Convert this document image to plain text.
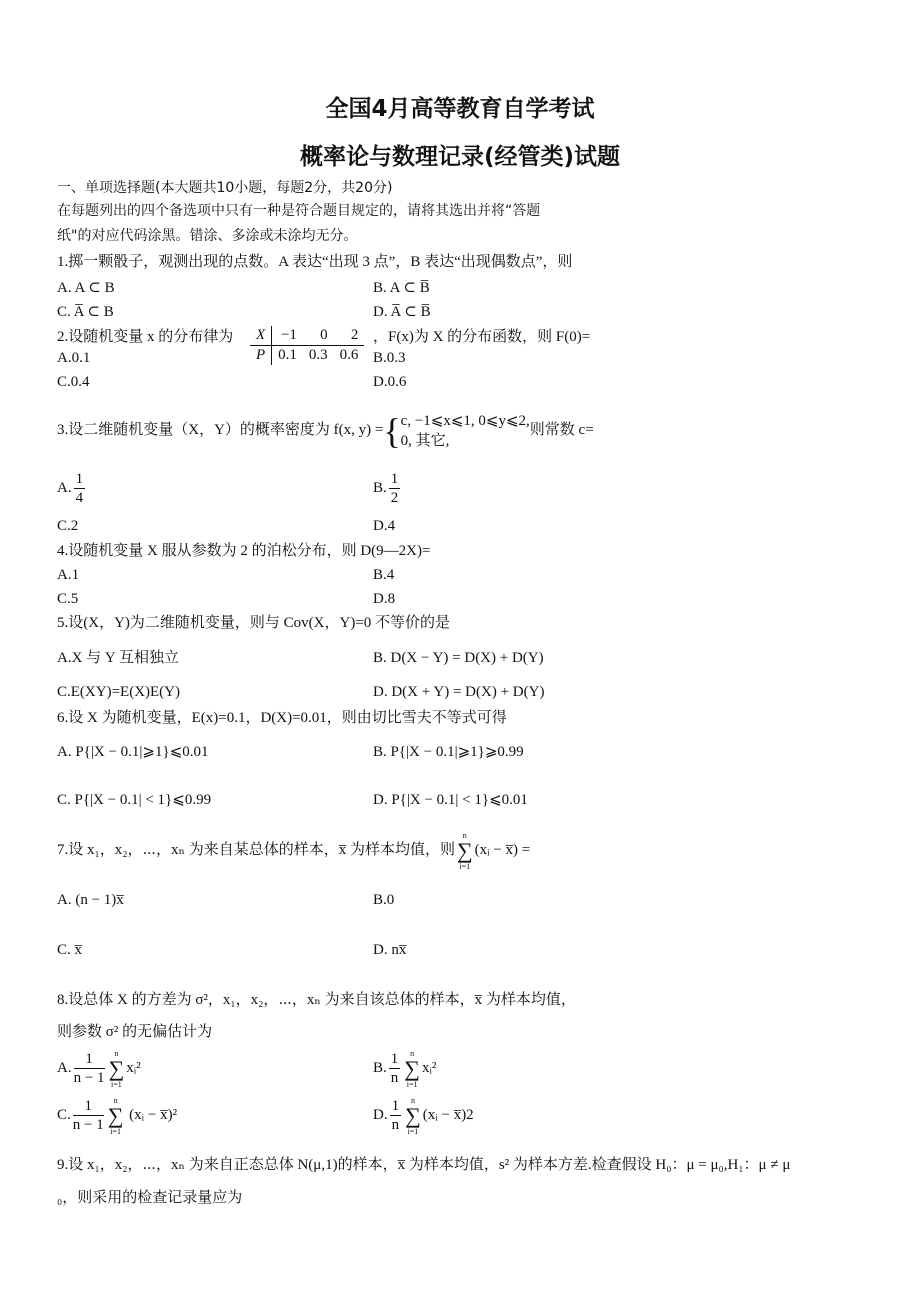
全国4月高等教育自学考试
概率论与数理记录(经管类)试题
一、单项选择题(本大题共10小题，每题2分，共20分)
在每题列出的四个备选项中只有一种是符合题目规定的，请将其选出并将“答题
纸"的对应代码涂黑。错涂、多涂或未涂均无分。
1.掷一颗骰子，观测出现的点数。A 表达“出现 3 点”，B 表达“出现偶数点”，则
A. A ⊂ B	B. A ⊂ B̅
C. A̅ ⊂ B	D. A̅ ⊂ B̅
2.设随机变量 x 的分布律为 X	−1	0	2
P	0.1	0.3	0.6
，F(x)为 X 的分布函数，则 F(0)=
A.0.1	B.0.3
C.0.4	D.0.6
3.设二维随机变量（X，Y）的概率密度为 f(x, y) ={ c, −1⩽x⩽1, 0⩽y⩽2,
0, 其它,
则常数 c=
A. $\frac{1}{4}$	B. $\frac{1}{2}$
C.2	D.4
4.设随机变量 X 服从参数为 2 的泊松分布，则 D(9—2X)=
A.1	B.4
C.5	D.8
5.设(X，Y)为二维随机变量，则与 Cov(X，Y)=0 不等价的是
A.X 与 Y 互相独立	B. D(X − Y) = D(X) + D(Y)
C.E(XY)=E(X)E(Y)	D. D(X + Y) = D(X) + D(Y)
6.设 X 为随机变量，E(x)=0.1，D(X)=0.01，则由切比雪夫不等式可得
A. P{|X − 0.1|⩾1}⩽0.01	B. P{|X − 0.1|⩾1}⩾0.99
C. P{|X − 0.1| < 1}⩽0.99	D. P{|X − 0.1| < 1}⩽0.01
7.设 x₁，x₂，⋯，xₙ 为来自某总体的样本，x̅ 为样本均值，则n
∑
i=1(xᵢ − x̅) =
A. (n − 1)x̅	B.0
C. x̅	D. nx̅
8.设总体 X 的方差为 σ²，x₁，x₂，⋯，xₙ 为来自该总体的样本，x̅ 为样本均值，
则参数 σ² 的无偏估计为
A. $\frac{1}{n - 1}$ n
∑
i=1xᵢ²	B. $\frac{1}{n}$ n
∑
i=1xᵢ²
C. $\frac{1}{n - 1}$ n
∑
i=1 (xᵢ − x̅)²	D. $\frac{1}{n}$ n
∑
i=1(xᵢ − x̅)2
9.设 x₁，x₂，⋯，xₙ 为来自正态总体 N(μ,1)的样本，x̅ 为样本均值，s² 为样本方差.检查假设 H₀：μ = μ₀,H₁：μ ≠ μ
₀，则采用的检查记录量应为
